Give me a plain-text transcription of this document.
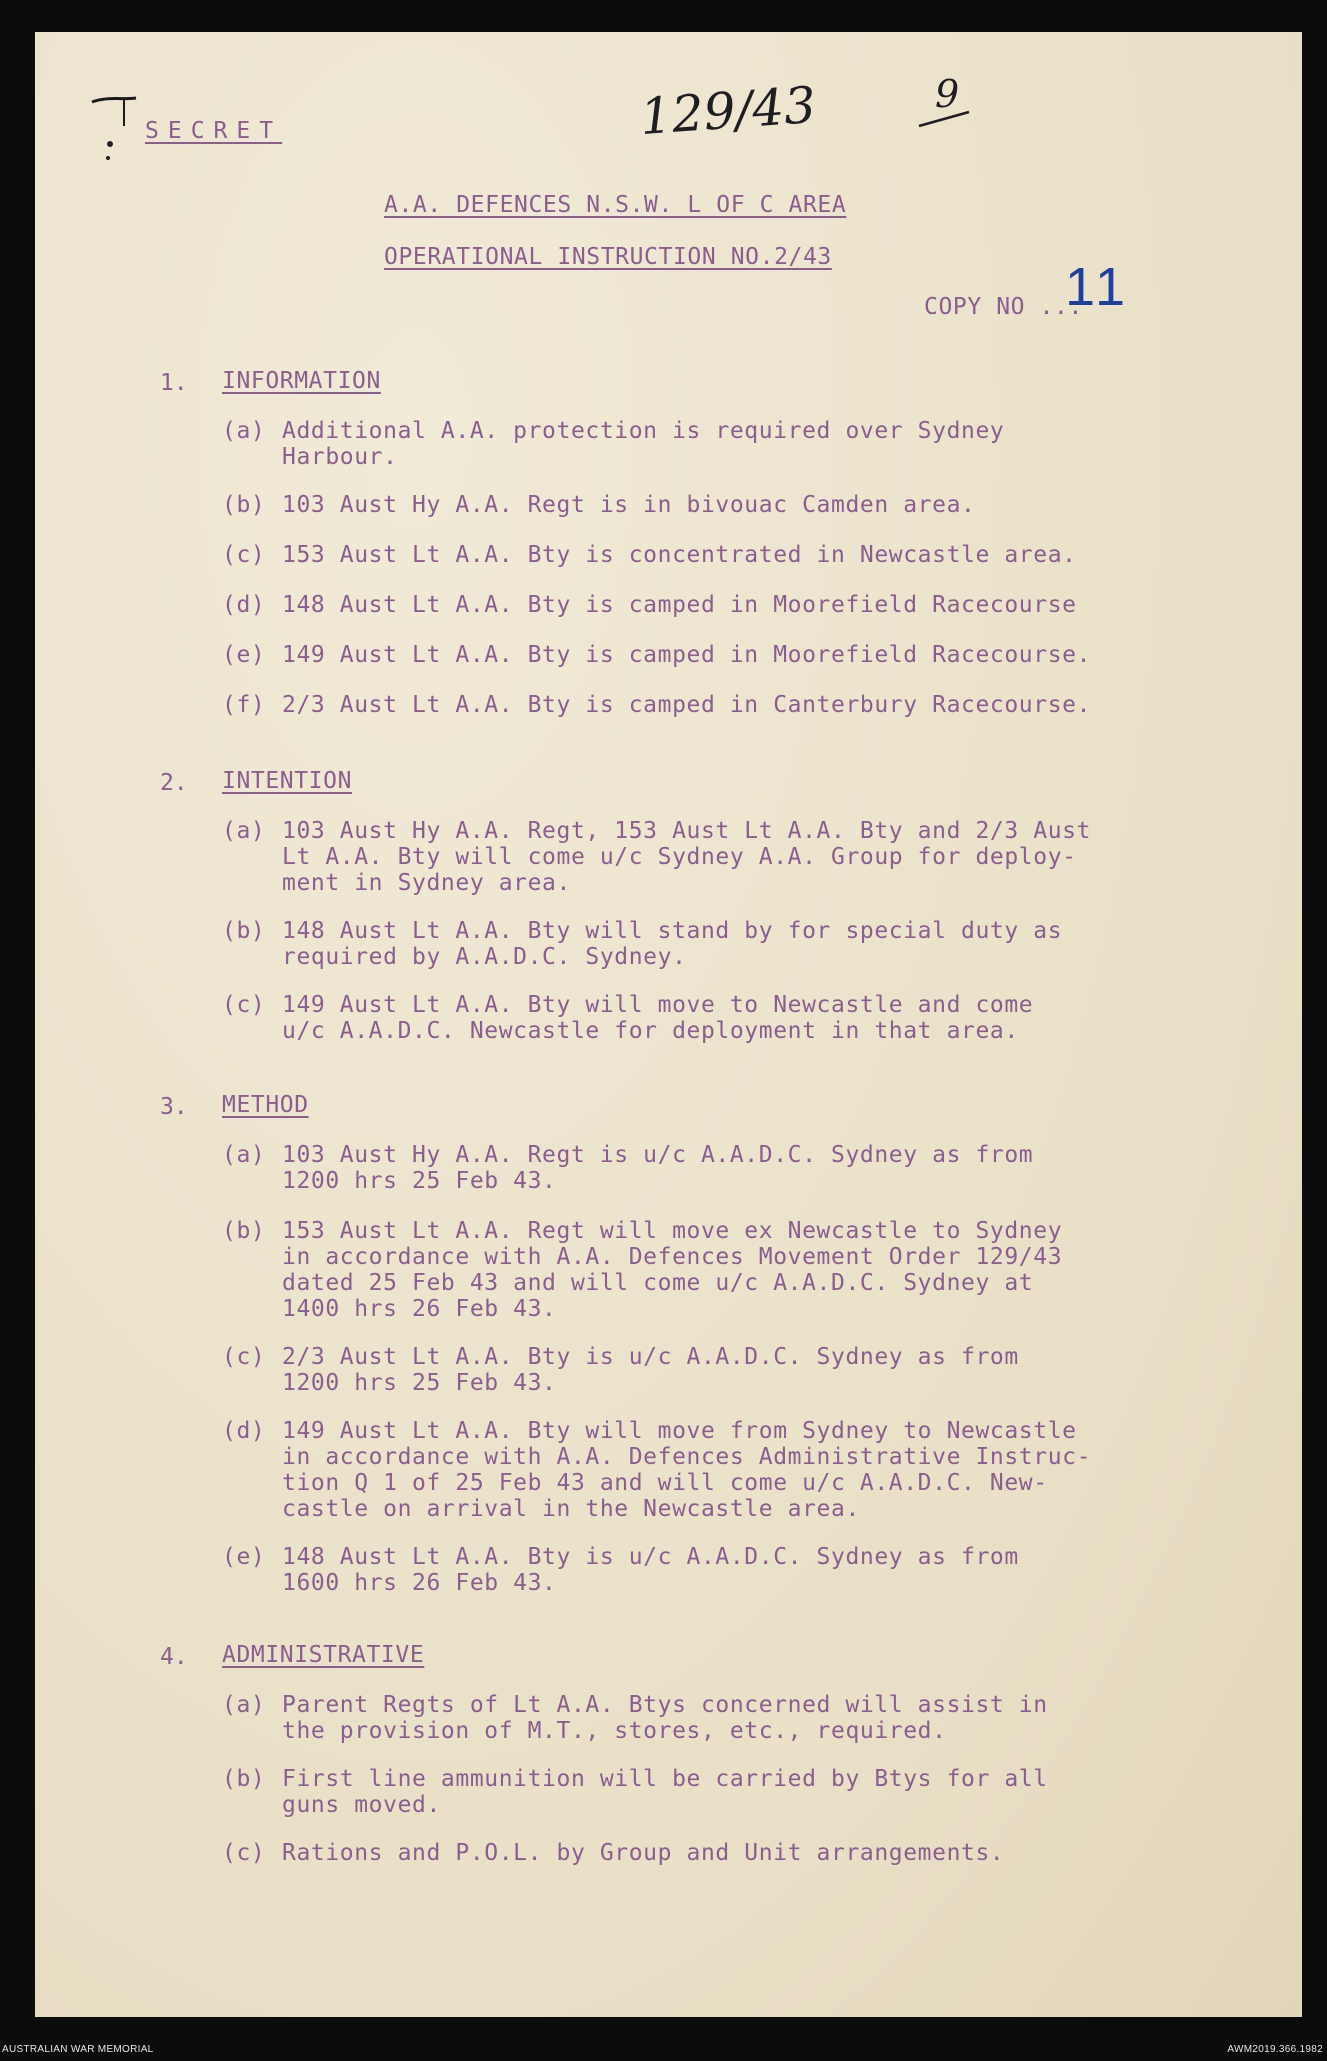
129/43	9
SECRET
A.A. DEFENCES N.S.W. L OF C AREA
OPERATIONAL INSTRUCTION NO.2/43
COPY NO ...
11
1. INFORMATION
(a) Additional A.A. protection is required over Sydney
Harbour.
(b) 103 Aust Hy A.A. Regt is in bivouac Camden area.
(c) 153 Aust Lt A.A. Bty is concentrated in Newcastle area.
(d) 148 Aust Lt A.A. Bty is camped in Moorefield Racecourse
(e) 149 Aust Lt A.A. Bty is camped in Moorefield Racecourse.
(f) 2/3 Aust Lt A.A. Bty is camped in Canterbury Racecourse.
2. INTENTION
(a) 103 Aust Hy A.A. Regt, 153 Aust Lt A.A. Bty and 2/3 Aust
Lt A.A. Bty will come u/c Sydney A.A. Group for deploy-
ment in Sydney area.
(b) 148 Aust Lt A.A. Bty will stand by for special duty as
required by A.A.D.C. Sydney.
(c) 149 Aust Lt A.A. Bty will move to Newcastle and come
u/c A.A.D.C. Newcastle for deployment in that area.
3. METHOD
(a) 103 Aust Hy A.A. Regt is u/c A.A.D.C. Sydney as from
1200 hrs 25 Feb 43.
(b) 153 Aust Lt A.A. Regt will move ex Newcastle to Sydney
in accordance with A.A. Defences Movement Order 129/43
dated 25 Feb 43 and will come u/c A.A.D.C. Sydney at
1400 hrs 26 Feb 43.
(c) 2/3 Aust Lt A.A. Bty is u/c A.A.D.C. Sydney as from
1200 hrs 25 Feb 43.
(d) 149 Aust Lt A.A. Bty will move from Sydney to Newcastle
in accordance with A.A. Defences Administrative Instruc-
tion Q 1 of 25 Feb 43 and will come u/c A.A.D.C. New-
castle on arrival in the Newcastle area.
(e) 148 Aust Lt A.A. Bty is u/c A.A.D.C. Sydney as from
1600 hrs 26 Feb 43.
4. ADMINISTRATIVE
(a) Parent Regts of Lt A.A. Btys concerned will assist in
the provision of M.T., stores, etc., required.
(b) First line ammunition will be carried by Btys for all
guns moved.
(c) Rations and P.O.L. by Group and Unit arrangements.
AUSTRALIAN WAR MEMORIAL	AWM2019.366.1982
